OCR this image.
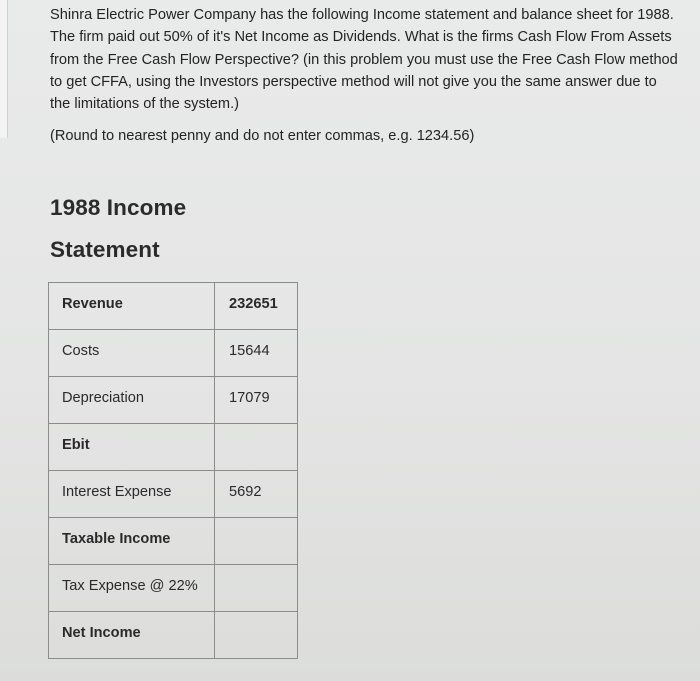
Shinra Electric Power Company has the following Income statement and balance sheet for 1988. The firm paid out 50% of it's Net Income as Dividends. What is the firms Cash Flow From Assets from the Free Cash Flow Perspective? (in this problem you must use the Free Cash Flow method to get CFFA, using the Investors perspective method will not give you the same answer due to the limitations of the system.)

(Round to nearest penny and do not enter commas, e.g. 1234.56)

1988 Income
Statement
Revenue	232651
Costs	15644
Depreciation	17079
Ebit	
Interest Expense	5692
Taxable Income	
Tax Expense @ 22%	
Net Income	
